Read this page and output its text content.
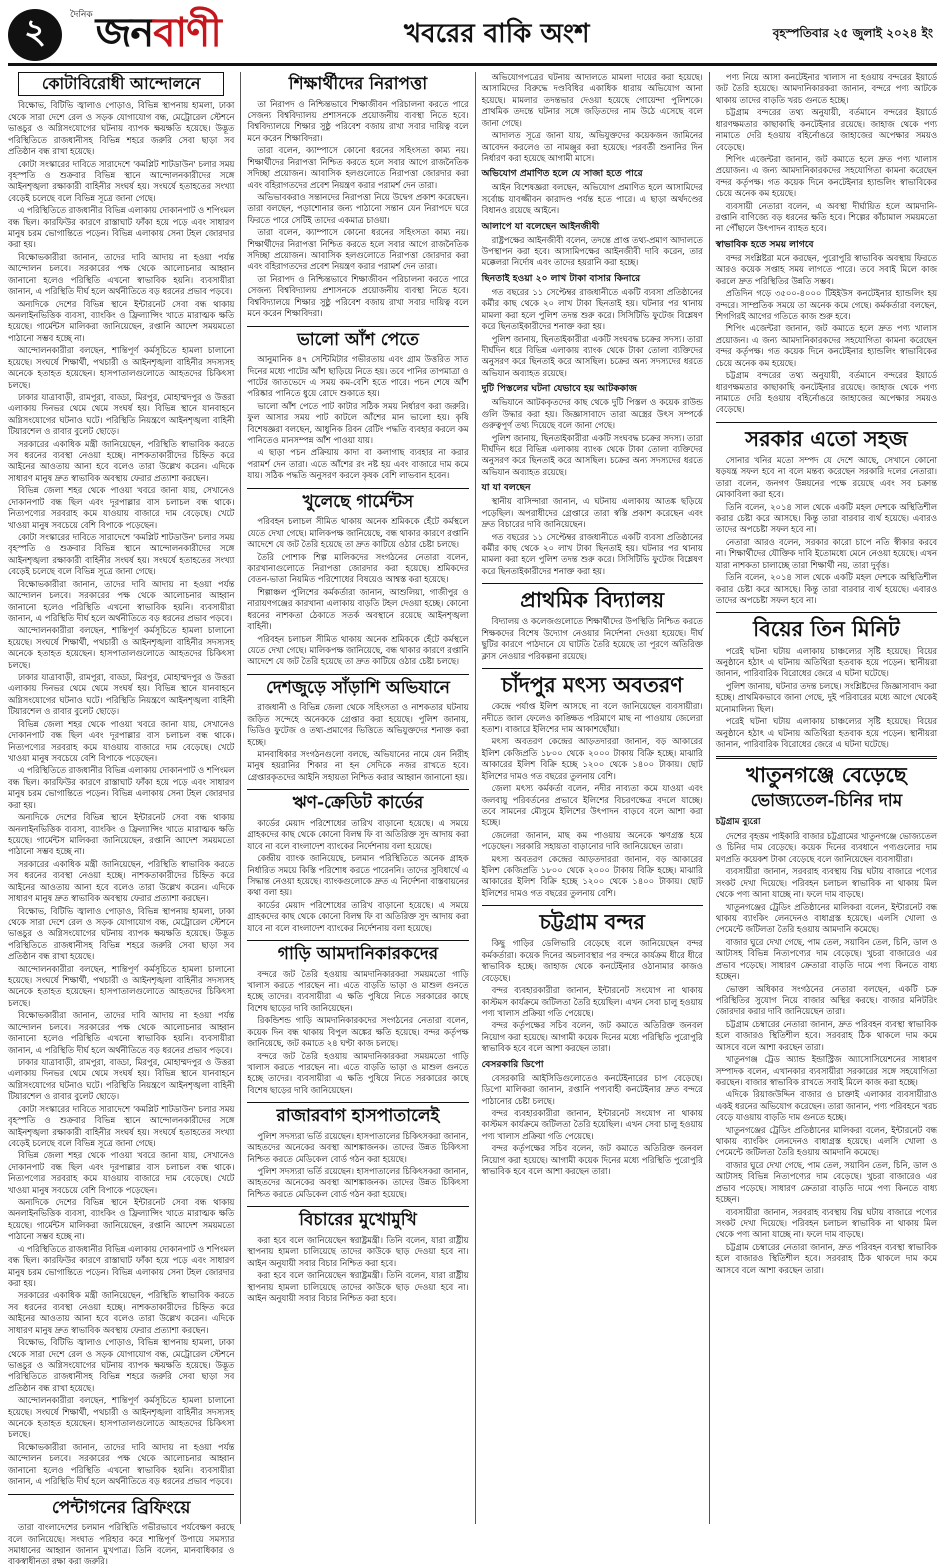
২	দৈনিক জন বাণী	খবরের বাকি অংশ	বৃহস্পতিবার ২৫ জুলাই ২০২৪ ইং
কোটাবিরোধী আন্দোলনে

বিক্ষোভ, বিটিভি জ্বালাও পোড়াও, বিভিন্ন স্থাপনায় হামলা, ঢাকা থেকে সারা দেশে রেল ও সড়ক যোগাযোগ বন্ধ, মেট্রোরেল স্টেশনে ভাঙচুর ও অগ্নিসংযোগের ঘটনায় ব্যাপক ক্ষয়ক্ষতি হয়েছে। উদ্ভূত পরিস্থিতিতে রাজধানীসহ বিভিন্ন শহরে জরুরি সেবা ছাড়া সব প্রতিষ্ঠান বন্ধ রাখা হয়েছে।

কোটা সংস্কারের দাবিতে সারাদেশে 'কমপ্লিট শাটডাউন' চলার সময় বৃহস্পতি ও শুক্রবার বিভিন্ন স্থানে আন্দোলনকারীদের সঙ্গে আইনশৃঙ্খলা রক্ষাকারী বাহিনীর সংঘর্ষ হয়। সংঘর্ষে হতাহতের সংখ্যা বেড়েই চলেছে বলে বিভিন্ন সূত্রে জানা গেছে।

এ পরিস্থিতিতে রাজধানীর বিভিন্ন এলাকায় দোকানপাট ও শপিংমল বন্ধ ছিল। কারফিউর কারণে রাস্তাঘাট ফাঁকা হয়ে পড়ে এবং সাধারণ মানুষ চরম ভোগান্তিতে পড়েন। বিভিন্ন এলাকায় সেনা টহল জোরদার করা হয়।

বিক্ষোভকারীরা জানান, তাদের দাবি আদায় না হওয়া পর্যন্ত আন্দোলন চলবে। সরকারের পক্ষ থেকে আলোচনার আহ্বান জানানো হলেও পরিস্থিতি এখনো স্বাভাবিক হয়নি। ব্যবসায়ীরা জানান, এ পরিস্থিতি দীর্ঘ হলে অর্থনীতিতে বড় ধরনের প্রভাব পড়বে।

অন্যদিকে দেশের বিভিন্ন স্থানে ইন্টারনেট সেবা বন্ধ থাকায় অনলাইনভিত্তিক ব্যবসা, ব্যাংকিং ও ফ্রিল্যান্সিং খাতে মারাত্মক ক্ষতি হয়েছে। গার্মেন্টস মালিকরা জানিয়েছেন, রপ্তানি আদেশ সময়মতো পাঠানো সম্ভব হচ্ছে না।

আন্দোলনকারীরা বলছেন, শান্তিপূর্ণ কর্মসূচিতে হামলা চালানো হয়েছে। সংঘর্ষে শিক্ষার্থী, পথচারী ও আইনশৃঙ্খলা বাহিনীর সদস্যসহ অনেকে হতাহত হয়েছেন। হাসপাতালগুলোতে আহতদের চিকিৎসা চলছে।

ঢাকার যাত্রাবাড়ী, রামপুরা, বাড্ডা, মিরপুর, মোহাম্মদপুর ও উত্তরা এলাকায় দিনভর থেমে থেমে সংঘর্ষ হয়। বিভিন্ন স্থানে যানবাহনে অগ্নিসংযোগের ঘটনাও ঘটে। পরিস্থিতি নিয়ন্ত্রণে আইনশৃঙ্খলা বাহিনী টিয়ারশেল ও রাবার বুলেট ছোড়ে।

সরকারের একাধিক মন্ত্রী জানিয়েছেন, পরিস্থিতি স্বাভাবিক করতে সব ধরনের ব্যবস্থা নেওয়া হচ্ছে। নাশকতাকারীদের চিহ্নিত করে আইনের আওতায় আনা হবে বলেও তারা উল্লেখ করেন। এদিকে সাধারণ মানুষ দ্রুত স্বাভাবিক অবস্থায় ফেরার প্রত্যাশা করছেন।

বিভিন্ন জেলা শহর থেকে পাওয়া খবরে জানা যায়, সেখানেও দোকানপাট বন্ধ ছিল এবং দূরপাল্লার বাস চলাচল বন্ধ থাকে। নিত্যপণ্যের সরবরাহ কমে যাওয়ায় বাজারে দাম বেড়েছে। খেটে খাওয়া মানুষ সবচেয়ে বেশি বিপাকে পড়েছেন।

কোটা সংস্কারের দাবিতে সারাদেশে 'কমপ্লিট শাটডাউন' চলার সময় বৃহস্পতি ও শুক্রবার বিভিন্ন স্থানে আন্দোলনকারীদের সঙ্গে আইনশৃঙ্খলা রক্ষাকারী বাহিনীর সংঘর্ষ হয়। সংঘর্ষে হতাহতের সংখ্যা বেড়েই চলেছে বলে বিভিন্ন সূত্রে জানা গেছে।

বিক্ষোভকারীরা জানান, তাদের দাবি আদায় না হওয়া পর্যন্ত আন্দোলন চলবে। সরকারের পক্ষ থেকে আলোচনার আহ্বান জানানো হলেও পরিস্থিতি এখনো স্বাভাবিক হয়নি। ব্যবসায়ীরা জানান, এ পরিস্থিতি দীর্ঘ হলে অর্থনীতিতে বড় ধরনের প্রভাব পড়বে।

আন্দোলনকারীরা বলছেন, শান্তিপূর্ণ কর্মসূচিতে হামলা চালানো হয়েছে। সংঘর্ষে শিক্ষার্থী, পথচারী ও আইনশৃঙ্খলা বাহিনীর সদস্যসহ অনেকে হতাহত হয়েছেন। হাসপাতালগুলোতে আহতদের চিকিৎসা চলছে।

ঢাকার যাত্রাবাড়ী, রামপুরা, বাড্ডা, মিরপুর, মোহাম্মদপুর ও উত্তরা এলাকায় দিনভর থেমে থেমে সংঘর্ষ হয়। বিভিন্ন স্থানে যানবাহনে অগ্নিসংযোগের ঘটনাও ঘটে। পরিস্থিতি নিয়ন্ত্রণে আইনশৃঙ্খলা বাহিনী টিয়ারশেল ও রাবার বুলেট ছোড়ে।

বিভিন্ন জেলা শহর থেকে পাওয়া খবরে জানা যায়, সেখানেও দোকানপাট বন্ধ ছিল এবং দূরপাল্লার বাস চলাচল বন্ধ থাকে। নিত্যপণ্যের সরবরাহ কমে যাওয়ায় বাজারে দাম বেড়েছে। খেটে খাওয়া মানুষ সবচেয়ে বেশি বিপাকে পড়েছেন।

এ পরিস্থিতিতে রাজধানীর বিভিন্ন এলাকায় দোকানপাট ও শপিংমল বন্ধ ছিল। কারফিউর কারণে রাস্তাঘাট ফাঁকা হয়ে পড়ে এবং সাধারণ মানুষ চরম ভোগান্তিতে পড়েন। বিভিন্ন এলাকায় সেনা টহল জোরদার করা হয়।

অন্যদিকে দেশের বিভিন্ন স্থানে ইন্টারনেট সেবা বন্ধ থাকায় অনলাইনভিত্তিক ব্যবসা, ব্যাংকিং ও ফ্রিল্যান্সিং খাতে মারাত্মক ক্ষতি হয়েছে। গার্মেন্টস মালিকরা জানিয়েছেন, রপ্তানি আদেশ সময়মতো পাঠানো সম্ভব হচ্ছে না।

সরকারের একাধিক মন্ত্রী জানিয়েছেন, পরিস্থিতি স্বাভাবিক করতে সব ধরনের ব্যবস্থা নেওয়া হচ্ছে। নাশকতাকারীদের চিহ্নিত করে আইনের আওতায় আনা হবে বলেও তারা উল্লেখ করেন। এদিকে সাধারণ মানুষ দ্রুত স্বাভাবিক অবস্থায় ফেরার প্রত্যাশা করছেন।

বিক্ষোভ, বিটিভি জ্বালাও পোড়াও, বিভিন্ন স্থাপনায় হামলা, ঢাকা থেকে সারা দেশে রেল ও সড়ক যোগাযোগ বন্ধ, মেট্রোরেল স্টেশনে ভাঙচুর ও অগ্নিসংযোগের ঘটনায় ব্যাপক ক্ষয়ক্ষতি হয়েছে। উদ্ভূত পরিস্থিতিতে রাজধানীসহ বিভিন্ন শহরে জরুরি সেবা ছাড়া সব প্রতিষ্ঠান বন্ধ রাখা হয়েছে।

আন্দোলনকারীরা বলছেন, শান্তিপূর্ণ কর্মসূচিতে হামলা চালানো হয়েছে। সংঘর্ষে শিক্ষার্থী, পথচারী ও আইনশৃঙ্খলা বাহিনীর সদস্যসহ অনেকে হতাহত হয়েছেন। হাসপাতালগুলোতে আহতদের চিকিৎসা চলছে।

বিক্ষোভকারীরা জানান, তাদের দাবি আদায় না হওয়া পর্যন্ত আন্দোলন চলবে। সরকারের পক্ষ থেকে আলোচনার আহ্বান জানানো হলেও পরিস্থিতি এখনো স্বাভাবিক হয়নি। ব্যবসায়ীরা জানান, এ পরিস্থিতি দীর্ঘ হলে অর্থনীতিতে বড় ধরনের প্রভাব পড়বে।

ঢাকার যাত্রাবাড়ী, রামপুরা, বাড্ডা, মিরপুর, মোহাম্মদপুর ও উত্তরা এলাকায় দিনভর থেমে থেমে সংঘর্ষ হয়। বিভিন্ন স্থানে যানবাহনে অগ্নিসংযোগের ঘটনাও ঘটে। পরিস্থিতি নিয়ন্ত্রণে আইনশৃঙ্খলা বাহিনী টিয়ারশেল ও রাবার বুলেট ছোড়ে।

কোটা সংস্কারের দাবিতে সারাদেশে 'কমপ্লিট শাটডাউন' চলার সময় বৃহস্পতি ও শুক্রবার বিভিন্ন স্থানে আন্দোলনকারীদের সঙ্গে আইনশৃঙ্খলা রক্ষাকারী বাহিনীর সংঘর্ষ হয়। সংঘর্ষে হতাহতের সংখ্যা বেড়েই চলেছে বলে বিভিন্ন সূত্রে জানা গেছে।

বিভিন্ন জেলা শহর থেকে পাওয়া খবরে জানা যায়, সেখানেও দোকানপাট বন্ধ ছিল এবং দূরপাল্লার বাস চলাচল বন্ধ থাকে। নিত্যপণ্যের সরবরাহ কমে যাওয়ায় বাজারে দাম বেড়েছে। খেটে খাওয়া মানুষ সবচেয়ে বেশি বিপাকে পড়েছেন।

অন্যদিকে দেশের বিভিন্ন স্থানে ইন্টারনেট সেবা বন্ধ থাকায় অনলাইনভিত্তিক ব্যবসা, ব্যাংকিং ও ফ্রিল্যান্সিং খাতে মারাত্মক ক্ষতি হয়েছে। গার্মেন্টস মালিকরা জানিয়েছেন, রপ্তানি আদেশ সময়মতো পাঠানো সম্ভব হচ্ছে না।

এ পরিস্থিতিতে রাজধানীর বিভিন্ন এলাকায় দোকানপাট ও শপিংমল বন্ধ ছিল। কারফিউর কারণে রাস্তাঘাট ফাঁকা হয়ে পড়ে এবং সাধারণ মানুষ চরম ভোগান্তিতে পড়েন। বিভিন্ন এলাকায় সেনা টহল জোরদার করা হয়।

সরকারের একাধিক মন্ত্রী জানিয়েছেন, পরিস্থিতি স্বাভাবিক করতে সব ধরনের ব্যবস্থা নেওয়া হচ্ছে। নাশকতাকারীদের চিহ্নিত করে আইনের আওতায় আনা হবে বলেও তারা উল্লেখ করেন। এদিকে সাধারণ মানুষ দ্রুত স্বাভাবিক অবস্থায় ফেরার প্রত্যাশা করছেন।

বিক্ষোভ, বিটিভি জ্বালাও পোড়াও, বিভিন্ন স্থাপনায় হামলা, ঢাকা থেকে সারা দেশে রেল ও সড়ক যোগাযোগ বন্ধ, মেট্রোরেল স্টেশনে ভাঙচুর ও অগ্নিসংযোগের ঘটনায় ব্যাপক ক্ষয়ক্ষতি হয়েছে। উদ্ভূত পরিস্থিতিতে রাজধানীসহ বিভিন্ন শহরে জরুরি সেবা ছাড়া সব প্রতিষ্ঠান বন্ধ রাখা হয়েছে।

আন্দোলনকারীরা বলছেন, শান্তিপূর্ণ কর্মসূচিতে হামলা চালানো হয়েছে। সংঘর্ষে শিক্ষার্থী, পথচারী ও আইনশৃঙ্খলা বাহিনীর সদস্যসহ অনেকে হতাহত হয়েছেন। হাসপাতালগুলোতে আহতদের চিকিৎসা চলছে।

বিক্ষোভকারীরা জানান, তাদের দাবি আদায় না হওয়া পর্যন্ত আন্দোলন চলবে। সরকারের পক্ষ থেকে আলোচনার আহ্বান জানানো হলেও পরিস্থিতি এখনো স্বাভাবিক হয়নি। ব্যবসায়ীরা জানান, এ পরিস্থিতি দীর্ঘ হলে অর্থনীতিতে বড় ধরনের প্রভাব পড়বে।

পেন্টাগনের ব্রিফিংয়ে

তারা বাংলাদেশের চলমান পরিস্থিতি গভীরভাবে পর্যবেক্ষণ করছে বলে জানিয়েছে। সংঘাত পরিহার করে শান্তিপূর্ণ উপায়ে সমস্যার সমাধানের আহ্বান জানান মুখপাত্র। তিনি বলেন, মানবাধিকার ও বাকস্বাধীনতা রক্ষা করা জরুরি।

শিক্ষার্থীদের নিরাপত্তা

তা নিরাপদ ও নিশ্চিন্তভাবে শিক্ষাজীবন পরিচালনা করতে পারে সেজন্য বিশ্ববিদ্যালয় প্রশাসনকে প্রয়োজনীয় ব্যবস্থা নিতে হবে। বিশ্ববিদ্যালয়ে শিক্ষার সুষ্ঠু পরিবেশ বজায় রাখা সবার দায়িত্ব বলে মনে করেন শিক্ষাবিদরা।

তারা বলেন, ক্যাম্পাসে কোনো ধরনের সহিংসতা কাম্য নয়। শিক্ষার্থীদের নিরাপত্তা নিশ্চিত করতে হলে সবার আগে রাজনৈতিক সদিচ্ছা প্রয়োজন। আবাসিক হলগুলোতে নিরাপত্তা জোরদার করা এবং বহিরাগতদের প্রবেশ নিয়ন্ত্রণ করার পরামর্শ দেন তারা।

অভিভাবকরাও সন্তানদের নিরাপত্তা নিয়ে উদ্বেগ প্রকাশ করেছেন। তারা বলছেন, পড়াশোনার জন্য পাঠানো সন্তান যেন নিরাপদে ঘরে ফিরতে পারে সেটিই তাদের একমাত্র চাওয়া।

তারা বলেন, ক্যাম্পাসে কোনো ধরনের সহিংসতা কাম্য নয়। শিক্ষার্থীদের নিরাপত্তা নিশ্চিত করতে হলে সবার আগে রাজনৈতিক সদিচ্ছা প্রয়োজন। আবাসিক হলগুলোতে নিরাপত্তা জোরদার করা এবং বহিরাগতদের প্রবেশ নিয়ন্ত্রণ করার পরামর্শ দেন তারা।

তা নিরাপদ ও নিশ্চিন্তভাবে শিক্ষাজীবন পরিচালনা করতে পারে সেজন্য বিশ্ববিদ্যালয় প্রশাসনকে প্রয়োজনীয় ব্যবস্থা নিতে হবে। বিশ্ববিদ্যালয়ে শিক্ষার সুষ্ঠু পরিবেশ বজায় রাখা সবার দায়িত্ব বলে মনে করেন শিক্ষাবিদরা।

ভালো আঁশ পেতে

আনুমানিক ৪৭ সেন্টিমিটার গভীরতায় এবং গ্রাম উত্তরিত সাত দিনের মধ্যে পাটের আঁশ ছাড়িয়ে নিতে হয়। তবে পানির তাপমাত্রা ও পাটের জাতভেদে এ সময় কম-বেশি হতে পারে। পচন শেষে আঁশ পরিষ্কার পানিতে ধুয়ে রোদে শুকাতে হয়।

ভালো আঁশ পেতে পাট কাটার সঠিক সময় নির্ধারণ করা জরুরি। ফুল আসার সময় পাট কাটলে আঁশের মান ভালো হয়। কৃষি বিশেষজ্ঞরা বলছেন, আধুনিক রিবন রেটিং পদ্ধতি ব্যবহার করলে কম পানিতেও মানসম্পন্ন আঁশ পাওয়া যায়।

এ ছাড়া পচন প্রক্রিয়ায় কাদা বা কলাগাছ ব্যবহার না করার পরামর্শ দেন তারা। এতে আঁশের রং নষ্ট হয় এবং বাজারে দাম কমে যায়। সঠিক পদ্ধতি অনুসরণ করলে কৃষক বেশি লাভবান হবেন।

খুলেছে গার্মেন্টস

পরিবহন চলাচল সীমিত থাকায় অনেক শ্রমিককে হেঁটে কর্মস্থলে যেতে দেখা গেছে। মালিকপক্ষ জানিয়েছে, বন্ধ থাকার কারণে রপ্তানি আদেশে যে জট তৈরি হয়েছে তা দ্রুত কাটিয়ে ওঠার চেষ্টা চলছে।

তৈরি পোশাক শিল্প মালিকদের সংগঠনের নেতারা বলেন, কারখানাগুলোতে নিরাপত্তা জোরদার করা হয়েছে। শ্রমিকদের বেতন-ভাতা নিয়মিত পরিশোধের বিষয়েও আশ্বস্ত করা হয়েছে।

শিল্পাঞ্চল পুলিশের কর্মকর্তারা জানান, আশুলিয়া, গাজীপুর ও নারায়ণগঞ্জের কারখানা এলাকায় বাড়তি টহল দেওয়া হচ্ছে। কোনো ধরনের নাশকতা ঠেকাতে সতর্ক অবস্থানে রয়েছে আইনশৃঙ্খলা বাহিনী।

পরিবহন চলাচল সীমিত থাকায় অনেক শ্রমিককে হেঁটে কর্মস্থলে যেতে দেখা গেছে। মালিকপক্ষ জানিয়েছে, বন্ধ থাকার কারণে রপ্তানি আদেশে যে জট তৈরি হয়েছে তা দ্রুত কাটিয়ে ওঠার চেষ্টা চলছে।

দেশজুড়ে সাঁড়াশি অভিযানে

রাজধানী ও বিভিন্ন জেলা থেকে সহিংসতা ও নাশকতার ঘটনায় জড়িত সন্দেহে অনেককে গ্রেপ্তার করা হয়েছে। পুলিশ জানায়, ভিডিও ফুটেজ ও তথ্য-প্রমাণের ভিত্তিতে অভিযুক্তদের শনাক্ত করা হচ্ছে।

মানবাধিকার সংগঠনগুলো বলছে, অভিযানের নামে যেন নিরীহ মানুষ হয়রানির শিকার না হন সেদিকে নজর রাখতে হবে। গ্রেপ্তারকৃতদের আইনি সহায়তা নিশ্চিত করার আহ্বান জানানো হয়।

ঋণ-ক্রেডিট কার্ডের

কার্ডের মেয়াদ পরিশোধের তারিখ বাড়ানো হয়েছে। এ সময়ে গ্রাহকদের কাছ থেকে কোনো বিলম্ব ফি বা অতিরিক্ত সুদ আদায় করা যাবে না বলে বাংলাদেশ ব্যাংকের নির্দেশনায় বলা হয়েছে।

কেন্দ্রীয় ব্যাংক জানিয়েছে, চলমান পরিস্থিতিতে অনেক গ্রাহক নির্ধারিত সময়ে কিস্তি পরিশোধ করতে পারেননি। তাদের সুবিধার্থে এ সিদ্ধান্ত নেওয়া হয়েছে। ব্যাংকগুলোকে দ্রুত এ নির্দেশনা বাস্তবায়নের কথা বলা হয়।

কার্ডের মেয়াদ পরিশোধের তারিখ বাড়ানো হয়েছে। এ সময়ে গ্রাহকদের কাছ থেকে কোনো বিলম্ব ফি বা অতিরিক্ত সুদ আদায় করা যাবে না বলে বাংলাদেশ ব্যাংকের নির্দেশনায় বলা হয়েছে।

গাড়ি আমদানিকারকদের

বন্দরে জট তৈরি হওয়ায় আমদানিকারকরা সময়মতো গাড়ি খালাস করতে পারছেন না। এতে বাড়তি ভাড়া ও মাশুল গুনতে হচ্ছে তাদের। ব্যবসায়ীরা এ ক্ষতি পুষিয়ে নিতে সরকারের কাছে বিশেষ ছাড়ের দাবি জানিয়েছেন।

রিকন্ডিশন্ড গাড়ি আমদানিকারকদের সংগঠনের নেতারা বলেন, কয়েক দিন বন্ধ থাকায় বিপুল অঙ্কের ক্ষতি হয়েছে। বন্দর কর্তৃপক্ষ জানিয়েছে, জট কমাতে ২৪ ঘণ্টা কাজ চলছে।

বন্দরে জট তৈরি হওয়ায় আমদানিকারকরা সময়মতো গাড়ি খালাস করতে পারছেন না। এতে বাড়তি ভাড়া ও মাশুল গুনতে হচ্ছে তাদের। ব্যবসায়ীরা এ ক্ষতি পুষিয়ে নিতে সরকারের কাছে বিশেষ ছাড়ের দাবি জানিয়েছেন।

রাজারবাগ হাসপাতালেই

পুলিশ সদস্যরা ভর্তি রয়েছেন। হাসপাতালের চিকিৎসকরা জানান, আহতদের অনেকের অবস্থা আশঙ্কাজনক। তাদের উন্নত চিকিৎসা নিশ্চিত করতে মেডিকেল বোর্ড গঠন করা হয়েছে।

পুলিশ সদস্যরা ভর্তি রয়েছেন। হাসপাতালের চিকিৎসকরা জানান, আহতদের অনেকের অবস্থা আশঙ্কাজনক। তাদের উন্নত চিকিৎসা নিশ্চিত করতে মেডিকেল বোর্ড গঠন করা হয়েছে।

বিচারের মুখোমুখি

করা হবে বলে জানিয়েছেন স্বরাষ্ট্রমন্ত্রী। তিনি বলেন, যারা রাষ্ট্রীয় স্থাপনায় হামলা চালিয়েছে তাদের কাউকে ছাড় দেওয়া হবে না। আইন অনুযায়ী সবার বিচার নিশ্চিত করা হবে।

করা হবে বলে জানিয়েছেন স্বরাষ্ট্রমন্ত্রী। তিনি বলেন, যারা রাষ্ট্রীয় স্থাপনায় হামলা চালিয়েছে তাদের কাউকে ছাড় দেওয়া হবে না। আইন অনুযায়ী সবার বিচার নিশ্চিত করা হবে।

অভিযোগপত্রের ঘটনায় আদালতে মামলা দায়ের করা হয়েছে। আসামিদের বিরুদ্ধে দণ্ডবিধির একাধিক ধারায় অভিযোগ আনা হয়েছে। মামলার তদন্তভার দেওয়া হয়েছে গোয়েন্দা পুলিশকে। প্রাথমিক তদন্তে ঘটনার সঙ্গে জড়িতদের নাম উঠে এসেছে বলে জানা গেছে।

আদালত সূত্রে জানা যায়, অভিযুক্তদের কয়েকজন জামিনের আবেদন করলেও তা নামঞ্জুর করা হয়েছে। পরবর্তী শুনানির দিন নির্ধারণ করা হয়েছে আগামী মাসে।

অভিযোগ প্রমাণিত হলে যে সাজা হতে পারে

আইন বিশেষজ্ঞরা বলছেন, অভিযোগ প্রমাণিত হলে আসামিদের সর্বোচ্চ যাবজ্জীবন কারাদণ্ড পর্যন্ত হতে পারে। এ ছাড়া অর্থদণ্ডের বিধানও রয়েছে আইনে।

আলাপে যা বলেছেন আইনজীবী

রাষ্ট্রপক্ষের আইনজীবী বলেন, তদন্তে প্রাপ্ত তথ্য-প্রমাণ আদালতে উপস্থাপন করা হবে। আসামিপক্ষের আইনজীবী দাবি করেন, তার মক্কেলরা নির্দোষ এবং তাদের হয়রানি করা হচ্ছে।

ছিনতাই হওয়া ২০ লাখ টাকা বাসার কিনারে

গত বছরের ১১ সেপ্টেম্বর রাজধানীতে একটি ব্যবসা প্রতিষ্ঠানের কর্মীর কাছ থেকে ২০ লাখ টাকা ছিনতাই হয়। ঘটনার পর থানায় মামলা করা হলে পুলিশ তদন্ত শুরু করে। সিসিটিভি ফুটেজ বিশ্লেষণ করে ছিনতাইকারীদের শনাক্ত করা হয়।

পুলিশ জানায়, ছিনতাইকারীরা একটি সংঘবদ্ধ চক্রের সদস্য। তারা দীর্ঘদিন ধরে বিভিন্ন এলাকায় ব্যাংক থেকে টাকা তোলা ব্যক্তিদের অনুসরণ করে ছিনতাই করে আসছিল। চক্রের অন্য সদস্যদের ধরতে অভিযান অব্যাহত রয়েছে।

দুটি পিস্তলের ঘটনা যেভাবে হয় আটককাজ

অভিযানে আটককৃতদের কাছ থেকে দুটি পিস্তল ও কয়েক রাউন্ড গুলি উদ্ধার করা হয়। জিজ্ঞাসাবাদে তারা অস্ত্রের উৎস সম্পর্কে গুরুত্বপূর্ণ তথ্য দিয়েছে বলে জানা গেছে।

পুলিশ জানায়, ছিনতাইকারীরা একটি সংঘবদ্ধ চক্রের সদস্য। তারা দীর্ঘদিন ধরে বিভিন্ন এলাকায় ব্যাংক থেকে টাকা তোলা ব্যক্তিদের অনুসরণ করে ছিনতাই করে আসছিল। চক্রের অন্য সদস্যদের ধরতে অভিযান অব্যাহত রয়েছে।

যা যা বলছেন

স্থানীয় বাসিন্দারা জানান, এ ঘটনায় এলাকায় আতঙ্ক ছড়িয়ে পড়েছিল। অপরাধীদের গ্রেপ্তারে তারা স্বস্তি প্রকাশ করেছেন এবং দ্রুত বিচারের দাবি জানিয়েছেন।

গত বছরের ১১ সেপ্টেম্বর রাজধানীতে একটি ব্যবসা প্রতিষ্ঠানের কর্মীর কাছ থেকে ২০ লাখ টাকা ছিনতাই হয়। ঘটনার পর থানায় মামলা করা হলে পুলিশ তদন্ত শুরু করে। সিসিটিভি ফুটেজ বিশ্লেষণ করে ছিনতাইকারীদের শনাক্ত করা হয়।

প্রাথমিক বিদ্যালয়

বিদ্যালয় ও কলেজগুলোতে শিক্ষার্থীদের উপস্থিতি নিশ্চিত করতে শিক্ষকদের বিশেষ উদ্যোগ নেওয়ার নির্দেশনা দেওয়া হয়েছে। দীর্ঘ ছুটির কারণে পাঠদানে যে ঘাটতি তৈরি হয়েছে তা পূরণে অতিরিক্ত ক্লাস নেওয়ার পরিকল্পনা রয়েছে।

চাঁদপুর মৎস্য অবতরণ

কেন্দ্রে পর্যাপ্ত ইলিশ আসছে না বলে জানিয়েছেন ব্যবসায়ীরা। নদীতে জাল ফেলেও কাঙ্ক্ষিত পরিমাণে মাছ না পাওয়ায় জেলেরা হতাশ। বাজারে ইলিশের দাম আকাশছোঁয়া।

মৎস্য অবতরণ কেন্দ্রের আড়তদাররা জানান, বড় আকারের ইলিশ কেজিপ্রতি ১৮০০ থেকে ২০০০ টাকায় বিক্রি হচ্ছে। মাঝারি আকারের ইলিশ বিক্রি হচ্ছে ১২০০ থেকে ১৪০০ টাকায়। ছোট ইলিশের দামও গত বছরের তুলনায় বেশি।

জেলা মৎস্য কর্মকর্তা বলেন, নদীর নাব্যতা কমে যাওয়া এবং জলবায়ু পরিবর্তনের প্রভাবে ইলিশের বিচরণক্ষেত্র বদলে যাচ্ছে। তবে সামনের মৌসুমে ইলিশের উৎপাদন বাড়বে বলে আশা করা হচ্ছে।

জেলেরা জানান, মাছ কম পাওয়ায় অনেকে ঋণগ্রস্ত হয়ে পড়েছেন। সরকারি সহায়তা বাড়ানোর দাবি জানিয়েছেন তারা।

মৎস্য অবতরণ কেন্দ্রের আড়তদাররা জানান, বড় আকারের ইলিশ কেজিপ্রতি ১৮০০ থেকে ২০০০ টাকায় বিক্রি হচ্ছে। মাঝারি আকারের ইলিশ বিক্রি হচ্ছে ১২০০ থেকে ১৪০০ টাকায়। ছোট ইলিশের দামও গত বছরের তুলনায় বেশি।

চট্টগ্রাম বন্দর

কিছু গাড়ির ডেলিভারি বেড়েছে বলে জানিয়েছেন বন্দর কর্মকর্তারা। কয়েক দিনের অচলাবস্থার পর বন্দরে কার্যক্রম ধীরে ধীরে স্বাভাবিক হচ্ছে। জাহাজ থেকে কনটেইনার ওঠানামার কাজও বেড়েছে।

বন্দর ব্যবহারকারীরা জানান, ইন্টারনেট সংযোগ না থাকায় কাস্টমস কার্যক্রমে জটিলতা তৈরি হয়েছিল। এখন সেবা চালু হওয়ায় পণ্য খালাস প্রক্রিয়া গতি পেয়েছে।

বন্দর কর্তৃপক্ষের সচিব বলেন, জট কমাতে অতিরিক্ত জনবল নিয়োগ করা হয়েছে। আগামী কয়েক দিনের মধ্যে পরিস্থিতি পুরোপুরি স্বাভাবিক হবে বলে আশা করছেন তারা।

বেসরকারি ডিপো

বেসরকারি আইসিডিগুলোতেও কনটেইনারের চাপ বেড়েছে। ডিপো মালিকরা জানান, রপ্তানি পণ্যবাহী কনটেইনার দ্রুত বন্দরে পাঠানোর চেষ্টা চলছে।

বন্দর ব্যবহারকারীরা জানান, ইন্টারনেট সংযোগ না থাকায় কাস্টমস কার্যক্রমে জটিলতা তৈরি হয়েছিল। এখন সেবা চালু হওয়ায় পণ্য খালাস প্রক্রিয়া গতি পেয়েছে।

বন্দর কর্তৃপক্ষের সচিব বলেন, জট কমাতে অতিরিক্ত জনবল নিয়োগ করা হয়েছে। আগামী কয়েক দিনের মধ্যে পরিস্থিতি পুরোপুরি স্বাভাবিক হবে বলে আশা করছেন তারা।

পণ্য নিয়ে আসা কনটেইনার খালাস না হওয়ায় বন্দরের ইয়ার্ডে জট তৈরি হয়েছে। আমদানিকারকরা জানান, বন্দরে পণ্য আটকে থাকায় তাদের বাড়তি খরচ গুনতে হচ্ছে।

চট্টগ্রাম বন্দরের তথ্য অনুযায়ী, বর্তমানে বন্দরের ইয়ার্ডে ধারণক্ষমতার কাছাকাছি কনটেইনার রয়েছে। জাহাজ থেকে পণ্য নামাতে দেরি হওয়ায় বহির্নোঙরে জাহাজের অপেক্ষার সময়ও বেড়েছে।

শিপিং এজেন্টরা জানান, জট কমাতে হলে দ্রুত পণ্য খালাস প্রয়োজন। এ জন্য আমদানিকারকদের সহযোগিতা কামনা করেছেন বন্দর কর্তৃপক্ষ। গত কয়েক দিনে কনটেইনার হ্যান্ডলিং স্বাভাবিকের চেয়ে অনেক কম হয়েছে।

ব্যবসায়ী নেতারা বলেন, এ অবস্থা দীর্ঘায়িত হলে আমদানি-রপ্তানি বাণিজ্যে বড় ধরনের ক্ষতি হবে। শিল্পের কাঁচামাল সময়মতো না পৌঁছালে উৎপাদন ব্যাহত হবে।

স্বাভাবিক হতে সময় লাগবে

বন্দর সংশ্লিষ্টরা মনে করছেন, পুরোপুরি স্বাভাবিক অবস্থায় ফিরতে আরও কয়েক সপ্তাহ সময় লাগতে পারে। তবে সবাই মিলে কাজ করলে দ্রুত পরিস্থিতির উন্নতি সম্ভব।

প্রতিদিন গড়ে ৩৫০০-৪০০০ টিইইউস কনটেইনার হ্যান্ডলিং হয় বন্দরে। সাম্প্রতিক সময়ে তা অনেক কমে গেছে। কর্মকর্তারা বলছেন, শিগগিরই আগের গতিতে কাজ শুরু হবে।

শিপিং এজেন্টরা জানান, জট কমাতে হলে দ্রুত পণ্য খালাস প্রয়োজন। এ জন্য আমদানিকারকদের সহযোগিতা কামনা করেছেন বন্দর কর্তৃপক্ষ। গত কয়েক দিনে কনটেইনার হ্যান্ডলিং স্বাভাবিকের চেয়ে অনেক কম হয়েছে।

চট্টগ্রাম বন্দরের তথ্য অনুযায়ী, বর্তমানে বন্দরের ইয়ার্ডে ধারণক্ষমতার কাছাকাছি কনটেইনার রয়েছে। জাহাজ থেকে পণ্য নামাতে দেরি হওয়ায় বহির্নোঙরে জাহাজের অপেক্ষার সময়ও বেড়েছে।

সরকার এতো সহজ

সোনার খনির মতো সম্পদ যে দেশে আছে, সেখানে কোনো ষড়যন্ত্র সফল হবে না বলে মন্তব্য করেছেন সরকারি দলের নেতারা। তারা বলেন, জনগণ উন্নয়নের পক্ষে রয়েছে এবং সব চক্রান্ত মোকাবিলা করা হবে।

তিনি বলেন, ২০১৪ সাল থেকে একটি মহল দেশকে অস্থিতিশীল করার চেষ্টা করে আসছে। কিন্তু তারা বারবার ব্যর্থ হয়েছে। এবারও তাদের অপচেষ্টা সফল হবে না।

নেতারা আরও বলেন, সরকার কারো চাপে নতি স্বীকার করবে না। শিক্ষার্থীদের যৌক্তিক দাবি ইতোমধ্যে মেনে নেওয়া হয়েছে। এখন যারা নাশকতা চালাচ্ছে তারা শিক্ষার্থী নয়, তারা দুর্বৃত্ত।

তিনি বলেন, ২০১৪ সাল থেকে একটি মহল দেশকে অস্থিতিশীল করার চেষ্টা করে আসছে। কিন্তু তারা বারবার ব্যর্থ হয়েছে। এবারও তাদের অপচেষ্টা সফল হবে না।

বিয়ের তিন মিনিট

পরেই ঘটনা ঘটায় এলাকায় চাঞ্চল্যের সৃষ্টি হয়েছে। বিয়ের অনুষ্ঠানে হঠাৎ এ ঘটনায় অতিথিরা হতবাক হয়ে পড়েন। স্থানীয়রা জানান, পারিবারিক বিরোধের জেরে এ ঘটনা ঘটেছে।

পুলিশ জানায়, ঘটনার তদন্ত চলছে। সংশ্লিষ্টদের জিজ্ঞাসাবাদ করা হচ্ছে। প্রাথমিকভাবে জানা গেছে, দুই পরিবারের মধ্যে আগে থেকেই মনোমালিন্য ছিল।

পরেই ঘটনা ঘটায় এলাকায় চাঞ্চল্যের সৃষ্টি হয়েছে। বিয়ের অনুষ্ঠানে হঠাৎ এ ঘটনায় অতিথিরা হতবাক হয়ে পড়েন। স্থানীয়রা জানান, পারিবারিক বিরোধের জেরে এ ঘটনা ঘটেছে।

খাতুনগঞ্জে বেড়েছে
ভোজ্যতেল-চিনির দাম
চট্টগ্রাম ব্যুরো

দেশের বৃহত্তম পাইকারি বাজার চট্টগ্রামের খাতুনগঞ্জে ভোজ্যতেল ও চিনির দাম বেড়েছে। কয়েক দিনের ব্যবধানে পণ্যগুলোর দাম মণপ্রতি কয়েকশ টাকা বেড়েছে বলে জানিয়েছেন ব্যবসায়ীরা।

ব্যবসায়ীরা জানান, সরবরাহ ব্যবস্থায় বিঘ্ন ঘটায় বাজারে পণ্যের সংকট দেখা দিয়েছে। পরিবহন চলাচল স্বাভাবিক না থাকায় মিল থেকে পণ্য আনা যাচ্ছে না। ফলে দাম বাড়ছে।

খাতুনগঞ্জের ট্রেডিং প্রতিষ্ঠানের মালিকরা বলেন, ইন্টারনেট বন্ধ থাকায় ব্যাংকিং লেনদেনও বাধাগ্রস্ত হয়েছে। এলসি খোলা ও পেমেন্টে জটিলতা তৈরি হওয়ায় আমদানি কমেছে।

বাজার ঘুরে দেখা গেছে, পাম তেল, সয়াবিন তেল, চিনি, ডাল ও আটাসহ বিভিন্ন নিত্যপণ্যের দাম বেড়েছে। খুচরা বাজারেও এর প্রভাব পড়েছে। সাধারণ ক্রেতারা বাড়তি দামে পণ্য কিনতে বাধ্য হচ্ছেন।

ভোক্তা অধিকার সংগঠনের নেতারা বলছেন, একটি চক্র পরিস্থিতির সুযোগ নিয়ে বাজার অস্থির করছে। বাজার মনিটরিং জোরদার করার দাবি জানিয়েছেন তারা।

চট্টগ্রাম চেম্বারের নেতারা জানান, দ্রুত পরিবহন ব্যবস্থা স্বাভাবিক হলে বাজারও স্থিতিশীল হবে। সরবরাহ ঠিক থাকলে দাম কমে আসবে বলে আশা করছেন তারা।

খাতুনগঞ্জ ট্রেড অ্যান্ড ইন্ডাস্ট্রিজ অ্যাসোসিয়েশনের সাধারণ সম্পাদক বলেন, এখানকার ব্যবসায়ীরা সরকারের সঙ্গে সহযোগিতা করছেন। বাজার স্বাভাবিক রাখতে সবাই মিলে কাজ করা হচ্ছে।

এদিকে রিয়াজউদ্দিন বাজার ও চাক্তাই এলাকার ব্যবসায়ীরাও একই ধরনের অভিযোগ করেছেন। তারা জানান, পণ্য পরিবহনে খরচ বেড়ে যাওয়ায় বাড়তি দাম গুনতে হচ্ছে।

খাতুনগঞ্জের ট্রেডিং প্রতিষ্ঠানের মালিকরা বলেন, ইন্টারনেট বন্ধ থাকায় ব্যাংকিং লেনদেনও বাধাগ্রস্ত হয়েছে। এলসি খোলা ও পেমেন্টে জটিলতা তৈরি হওয়ায় আমদানি কমেছে।

বাজার ঘুরে দেখা গেছে, পাম তেল, সয়াবিন তেল, চিনি, ডাল ও আটাসহ বিভিন্ন নিত্যপণ্যের দাম বেড়েছে। খুচরা বাজারেও এর প্রভাব পড়েছে। সাধারণ ক্রেতারা বাড়তি দামে পণ্য কিনতে বাধ্য হচ্ছেন।

ব্যবসায়ীরা জানান, সরবরাহ ব্যবস্থায় বিঘ্ন ঘটায় বাজারে পণ্যের সংকট দেখা দিয়েছে। পরিবহন চলাচল স্বাভাবিক না থাকায় মিল থেকে পণ্য আনা যাচ্ছে না। ফলে দাম বাড়ছে।

চট্টগ্রাম চেম্বারের নেতারা জানান, দ্রুত পরিবহন ব্যবস্থা স্বাভাবিক হলে বাজারও স্থিতিশীল হবে। সরবরাহ ঠিক থাকলে দাম কমে আসবে বলে আশা করছেন তারা।
